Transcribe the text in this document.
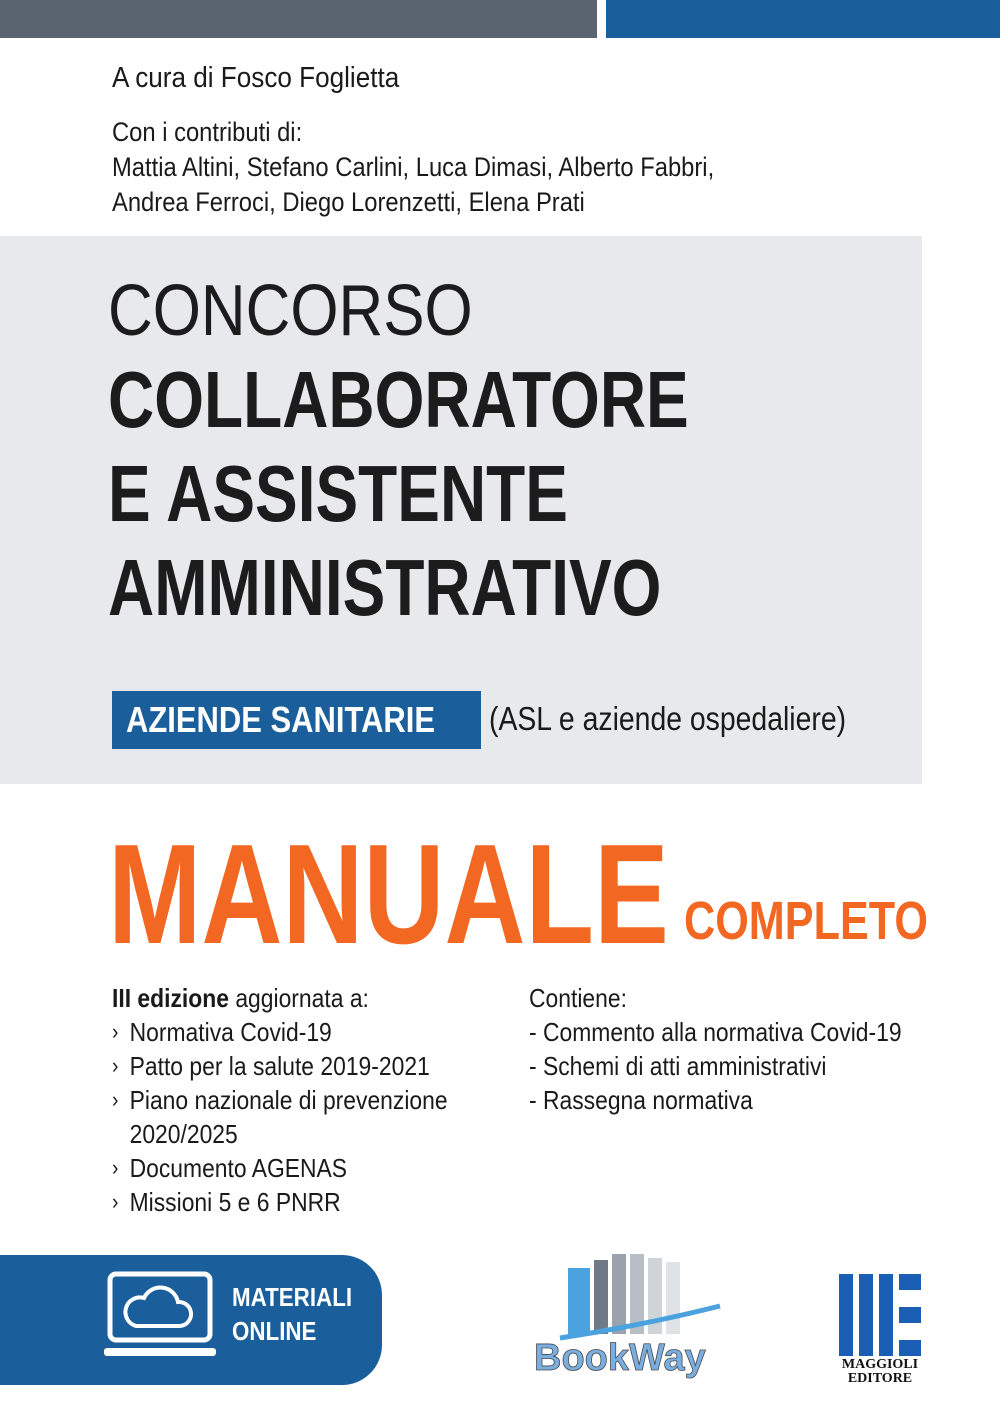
A cura di Fosco Foglietta
Con i contributi di:
Mattia Altini, Stefano Carlini, Luca Dimasi, Alberto Fabbri,
Andrea Ferroci, Diego Lorenzetti, Elena Prati
CONCORSO
COLLABORATORE
E ASSISTENTE
AMMINISTRATIVO
AZIENDE SANITARIE (ASL e aziende ospedaliere)
MANUALE COMPLETO
III edizione aggiornata a:
› Normativa Covid-19
› Patto per la salute 2019-2021
› Piano nazionale di prevenzione
2020/2025
› Documento AGENAS
› Missioni 5 e 6 PNRR
Contiene:
- Commento alla normativa Covid-19
- Schemi di atti amministrativi
- Rassegna normativa
MATERIALI
ONLINE
BookWay	MAGGIOLI
EDITORE
